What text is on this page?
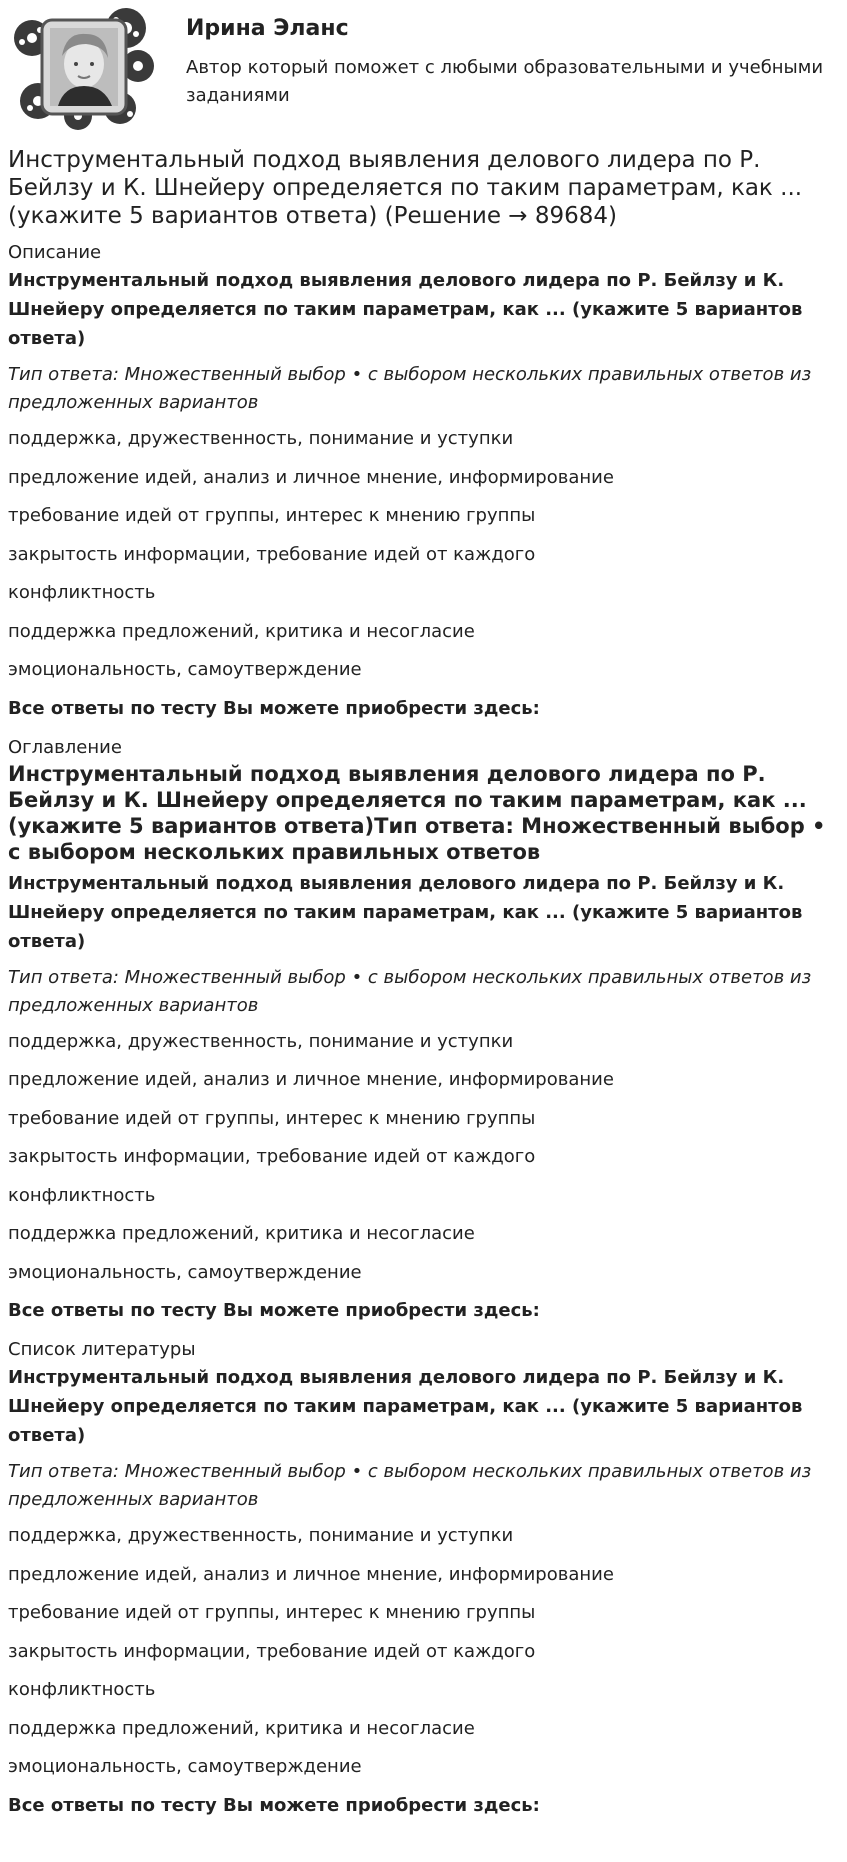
Ирина Эланс
Автор который поможет с любыми образовательными и учебными заданиями
Инструментальный подход выявления делового лидера по Р. Бейлзу и К. Шнейеру определяется по таким параметрам, как ... (укажите 5 вариантов ответа) (Решение → 89684)

Описание

Инструментальный подход выявления делового лидера по Р. Бейлзу и К. Шнейеру определяется по таким параметрам, как ... (укажите 5 вариантов ответа)

Тип ответа: Множественный выбор • с выбором нескольких правильных ответов из предложенных вариантов

поддержка, дружественность, понимание и уступки

предложение идей, анализ и личное мнение, информирование

требование идей от группы, интерес к мнению группы

закрытость информации, требование идей от каждого

конфликтность

поддержка предложений, критика и несогласие

эмоциональность, самоутверждение

Все ответы по тесту Вы можете приобрести здесь:

Оглавление

Инструментальный подход выявления делового лидера по Р. Бейлзу и К. Шнейеру определяется по таким параметрам, как ... (укажите 5 вариантов ответа)Тип ответа: Множественный выбор • с выбором нескольких правильных ответов

Инструментальный подход выявления делового лидера по Р. Бейлзу и К. Шнейеру определяется по таким параметрам, как ... (укажите 5 вариантов ответа)

Тип ответа: Множественный выбор • с выбором нескольких правильных ответов из предложенных вариантов

поддержка, дружественность, понимание и уступки

предложение идей, анализ и личное мнение, информирование

требование идей от группы, интерес к мнению группы

закрытость информации, требование идей от каждого

конфликтность

поддержка предложений, критика и несогласие

эмоциональность, самоутверждение

Все ответы по тесту Вы можете приобрести здесь:

Список литературы

Инструментальный подход выявления делового лидера по Р. Бейлзу и К. Шнейеру определяется по таким параметрам, как ... (укажите 5 вариантов ответа)

Тип ответа: Множественный выбор • с выбором нескольких правильных ответов из предложенных вариантов

поддержка, дружественность, понимание и уступки

предложение идей, анализ и личное мнение, информирование

требование идей от группы, интерес к мнению группы

закрытость информации, требование идей от каждого

конфликтность

поддержка предложений, критика и несогласие

эмоциональность, самоутверждение

Все ответы по тесту Вы можете приобрести здесь:
